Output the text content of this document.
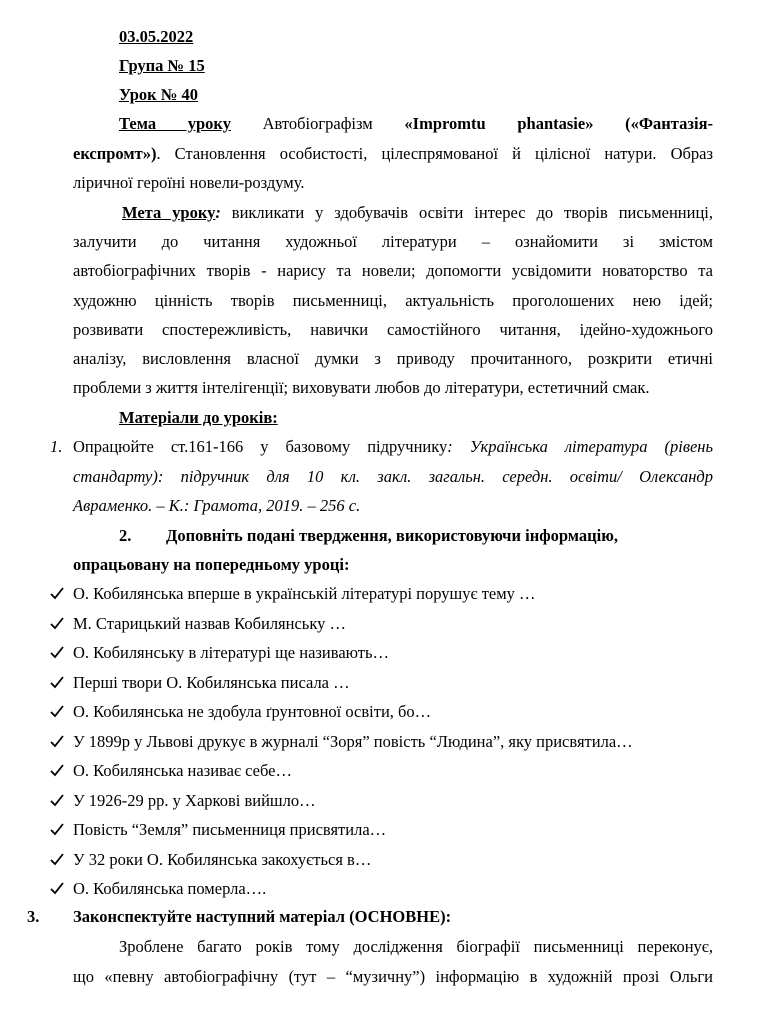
03.05.2022
Група № 15
Урок № 40
Тема уроку Автобіографізм «Impromtu phantasie» («Фантазія-
експромт»). Становлення особистості, цілеспрямованої й цілісної натури. Образ
ліричної героїні новели-роздуму.
Мета уроку: викликати у здобувачів освіти інтерес до творів письменниці,
залучити до читання художньої літератури – ознайомити зі змістом
автобіографічних творів - нарису та новели; допомогти усвідомити новаторство та
художню цінність творів письменниці, актуальність проголошених нею ідей;
розвивати спостережливість, навички самостійного читання, ідейно-художнього
аналізу, висловлення власної думки з приводу прочитанного, розкрити етичні
проблеми з життя інтелігенції; виховувати любов до літератури, естетичний смак.
Матеріали до уроків:
1. Опрацюйте ст.161-166 у базовому підручнику: Українська література (рівень
стандарту): підручник для 10 кл. закл. загальн. середн. освіти/ Олександр
Авраменко. – К.: Грамота, 2019. – 256 с.
2. Доповніть подані твердження, використовуючи інформацію,
опрацьовану на попередньому уроці:
О. Кобилянська вперше в українській літературі порушує тему …
М. Старицький назвав Кобилянську …
О. Кобилянську в літературі ще називають…
Перші твори О. Кобилянська писала …
О. Кобилянська не здобула ґрунтовної освіти, бо…
У 1899р у Львові друкує в журналі “Зоря” повість “Людина”, яку присвятила…
О. Кобилянська називає себе…
У 1926-29 рр. у Харкові вийшло…
Повість “Земля” письменниця присвятила…
У 32 роки О. Кобилянська закохується в…
О. Кобилянська померла….
3. Законспектуйте наступний матеріал (ОСНОВНЕ):
Зроблене багато років тому дослідження біографії письменниці переконує,
що «певну автобіографічну (тут – “музичну”) інформацію в художній прозі Ольги
